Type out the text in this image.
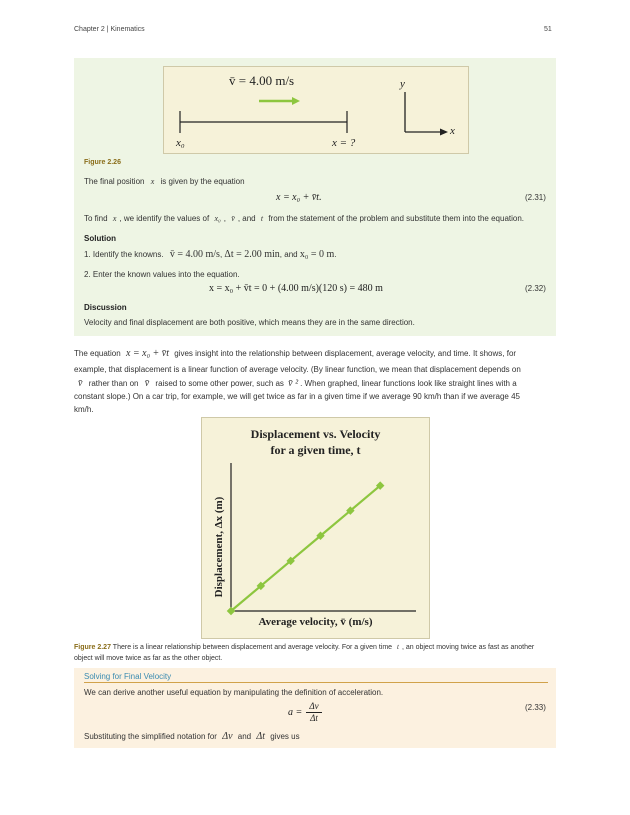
Chapter 2 | Kinematics	51
v̄ = 4.00 m/s
x₀	x = ?
y
x
Figure 2.26
The final position x is given by the equation
x = x₀ + v̄t.	(2.31)
To find x , we identify the values of x₀ , v̄ , and t from the statement of the problem and substitute them into the equation.
Solution
1. Identify the knowns. v̄ = 4.00 m/s, Δt = 2.00 min, and x₀ = 0 m.
2. Enter the known values into the equation.
x = x₀ + v̄t = 0 + (4.00 m/s)(120 s) = 480 m	(2.32)
Discussion
Velocity and final displacement are both positive, which means they are in the same direction.
The equation x = x₀ + v̄t gives insight into the relationship between displacement, average velocity, and time. It shows, for
example, that displacement is a linear function of average velocity. (By linear function, we mean that displacement depends on
v̄ rather than on v̄ raised to some other power, such as v̄ ² . When graphed, linear functions look like straight lines with a
constant slope.) On a car trip, for example, we will get twice as far in a given time if we average 90 km/h than if we average 45
km/h.
Displacement vs. Velocity
for a given time, t
Average velocity, v̄ (m/s)
Displacement, Δx (m)
Figure 2.27 There is a linear relationship between displacement and average velocity. For a given time t , an object moving twice as fast as another
object will move twice as far as the other object.
Solving for Final Velocity
We can derive another useful equation by manipulating the definition of acceleration.
a =
Δv
Δt
(2.33)
Substituting the simplified notation for Δv and Δt gives us
